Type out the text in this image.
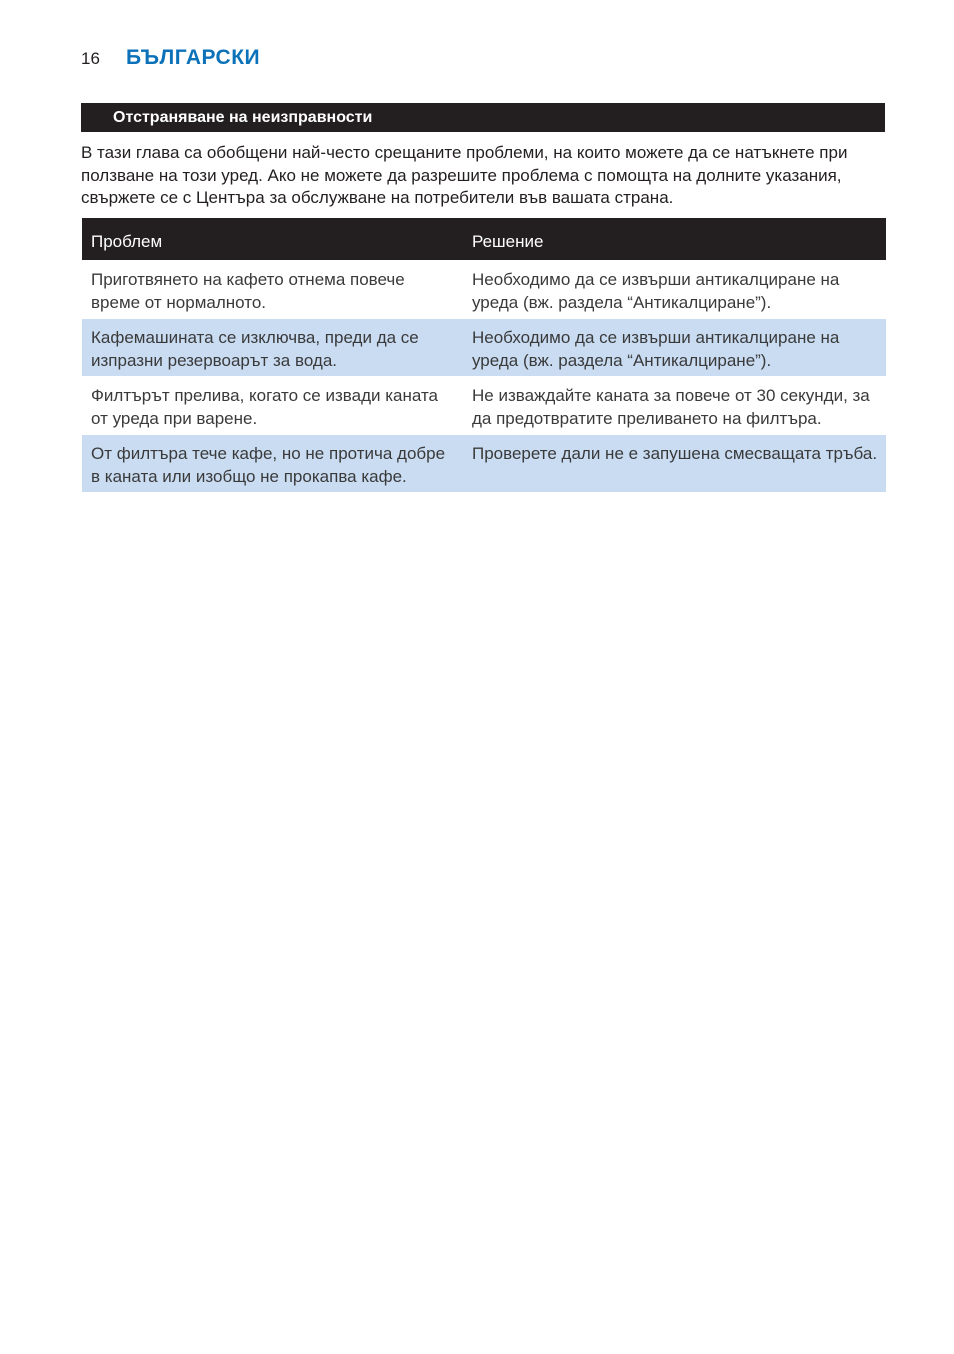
16	БЪЛГАРСКИ
Отстраняване на неизправности

В тази глава са обобщени най-често срещаните проблеми, на които можете да се натъкнете при ползване на този уред. Ако не можете да разрешите проблема с помощта на долните указания, свържете се с Центъра за обслужване на потребители във вашата страна.

Проблем	Решение
Приготвянето на кафето отнема повече време от нормалното.	Необходимо да се извърши антикалциране на уреда (вж. раздела “Антикалциране”).
Кафемашината се изключва, преди да се изпразни резервоарът за вода.	Необходимо да се извърши антикалциране на уреда (вж. раздела “Антикалциране”).
Филтърът прелива, когато се извади каната от уреда при варене.	Не изваждайте каната за повече от 30 секунди, за да предотвратите преливането на филтъра.
От филтъра тече кафе, но не протича добре в каната или изобщо не прокапва кафе.	Проверете дали не е запушена смесващата тръба.
